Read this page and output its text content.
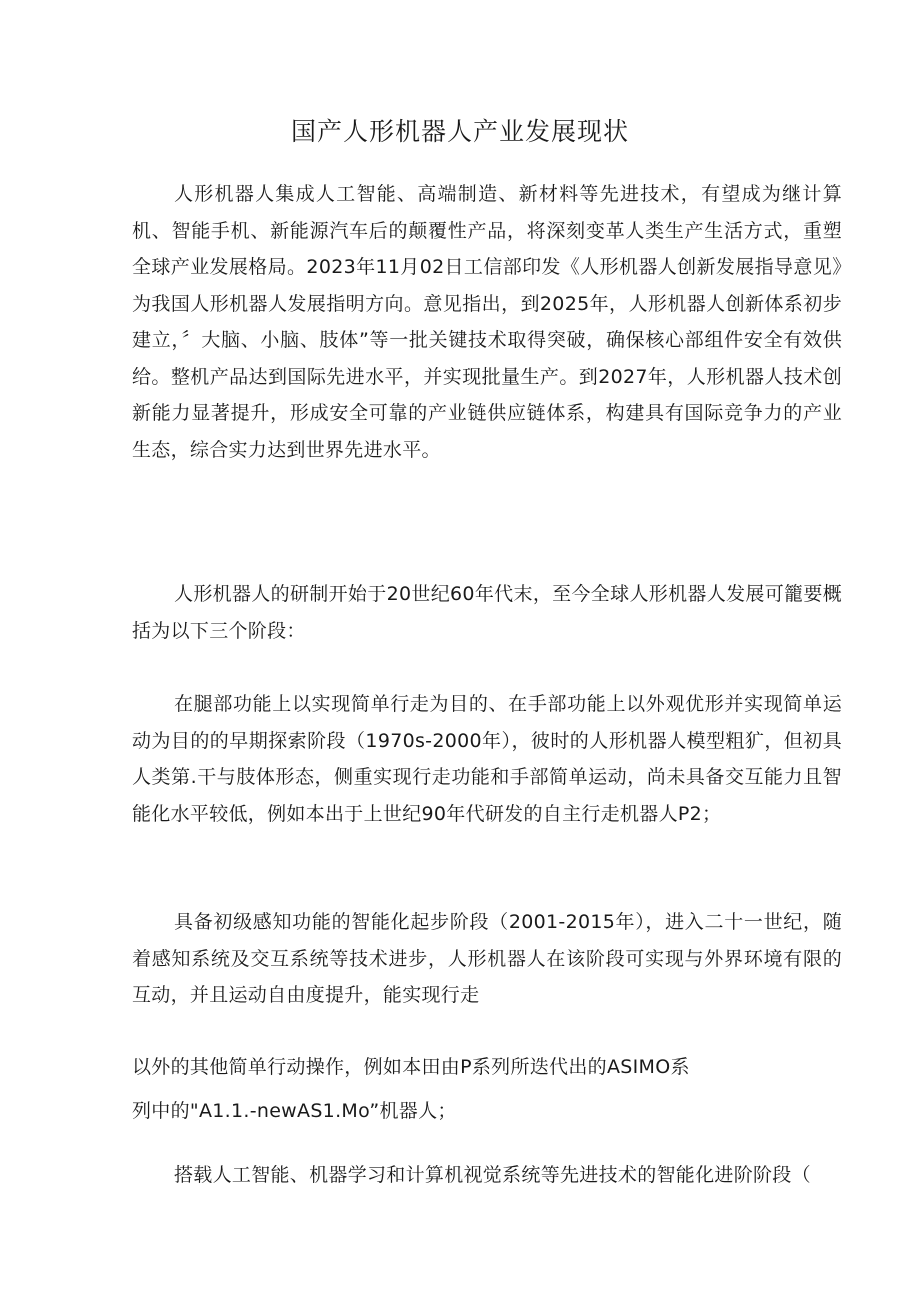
国产人形机器人产业发展现状

人形机器人集成人工智能、高端制造、新材料等先进技术，有望成为继计算机、智能手机、新能源汽车后的颠覆性产品，将深刻变革人类生产生活方式，重塑全球产业发展格局。2023年11月02日工信部印发《人形机器人创新发展指导意见》为我国人形机器人发展指明方向。意见指出，到2025年，人形机器人创新体系初步建立，〞大脑、小脑、肢体”等一批关键技术取得突破，确保核心部组件安全有效供给。整机产品达到国际先进水平，并实现批量生产。到2027年，人形机器人技术创新能力显著提升，形成安全可靠的产业链供应链体系，构建具有国际竞争力的产业生态，综合实力达到世界先进水平。

人形机器人的研制开始于20世纪60年代末，至今全球人形机器人发展可籠要概括为以下三个阶段：

在腿部功能上以实现简单行走为目的、在手部功能上以外观优形并实现简单运动为目的的早期探索阶段（1970s-2000年），彼时的人形机器人模型粗犷，但初具人类第.干与肢体形态，侧重实现行走功能和手部简单运动，尚未具备交互能力且智能化水平较低，例如本出于上世纪90年代研发的自主行走机器人P2；

具备初级感知功能的智能化起步阶段（2001-2015年），进入二十一世纪，随着感知系统及交互系统等技术进步，人形机器人在该阶段可实现与外界环境有限的互动，并且运动自由度提升，能实现行走

以外的其他简单行动操作，例如本田由P系列所迭代出的ASIMO系

列中的"A1.1.-newAS1.Mo”机器人；

搭载人工智能、机器学习和计算机视觉系统等先进技术的智能化进阶阶段（
